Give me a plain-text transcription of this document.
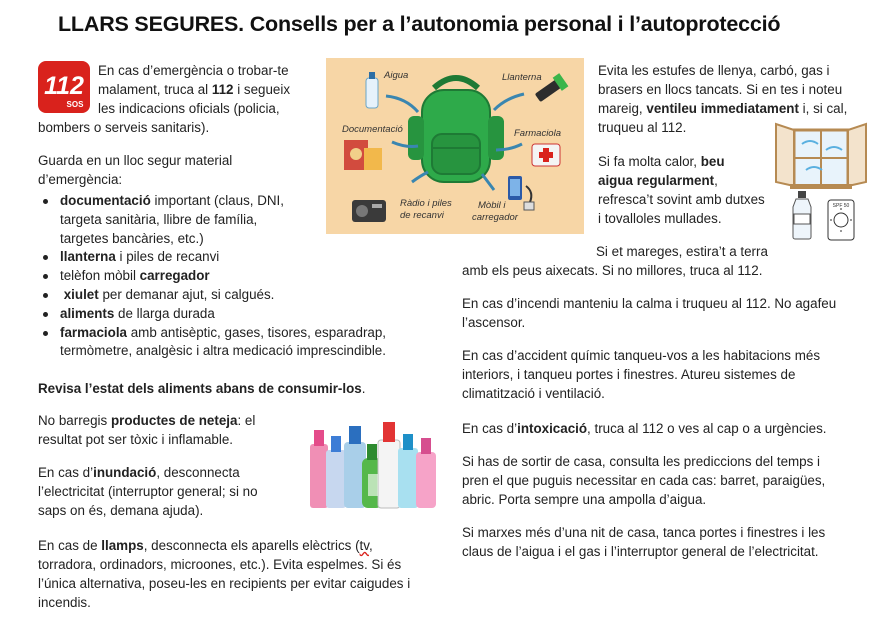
LLARS SEGURES. Consells per a l’autonomia personal i l’autoprotecció
112
SOS
En cas d’emergència o trobar-te
malament, truca al 112 i segueix
les indicacions oficials (policia,
bombers o serveis sanitaris).
Guarda en un lloc segur material
d’emergència:
documentació important (claus, DNI,
targeta sanitària, llibre de família,
targetes bancàries, etc.)
llanterna i piles de recanvi
telèfon mòbil carregador
xiulet per demanar ajut, si calgués.
aliments de llarga durada
farmaciola amb antisèptic, gases, tisores, esparadrap,
termòmetre, analgèsic i altra medicació imprescindible.
Revisa l’estat dels aliments abans de consumir-los.
No barregis productes de neteja: el
resultat pot ser tòxic i inflamable.
En cas d’inundació, desconnecta
l’electricitat (interruptor general; si no
saps on és, demana ajuda).
En cas de llamps, desconnecta els aparells elèctrics (tv,
torradora, ordinadors, microones, etc.). Evita espelmes. Si és
l’única alternativa, poseu-les en recipients per evitar caigudes i
incendis.
Aigua	Llanterna
Documentació	Farmaciola
Ràdio i piles
de recanvi
Mòbil i
carregador
Evita les estufes de llenya, carbó, gas i
brasers en llocs tancats. Si en tes i noteu
mareig, ventileu immediatament i, si cal,
truqueu al 112.
Si fa molta calor, beu
aigua regularment,
refresca’t sovint amb dutxes
i tovalloles mullades.
SPF 50
Si et mareges, estira’t a terra
amb els peus aixecats. Si no millores, truca al 112.
En cas d’incendi manteniu la calma i truqueu al 112. No agafeu
l’ascensor.
En cas d’accident químic tanqueu-vos a les habitacions més
interiors, i tanqueu portes i finestres. Atureu sistemes de
climatització i ventilació.
En cas d’intoxicació, truca al 112 o ves al cap o a urgències.
Si has de sortir de casa, consulta les prediccions del temps i
pren el que puguis necessitar en cada cas: barret, paraigües,
abric. Porta sempre una ampolla d’aigua.
Si marxes més d’una nit de casa, tanca portes i finestres i les
claus de l’aigua i el gas i l’interruptor general de l’electricitat.
